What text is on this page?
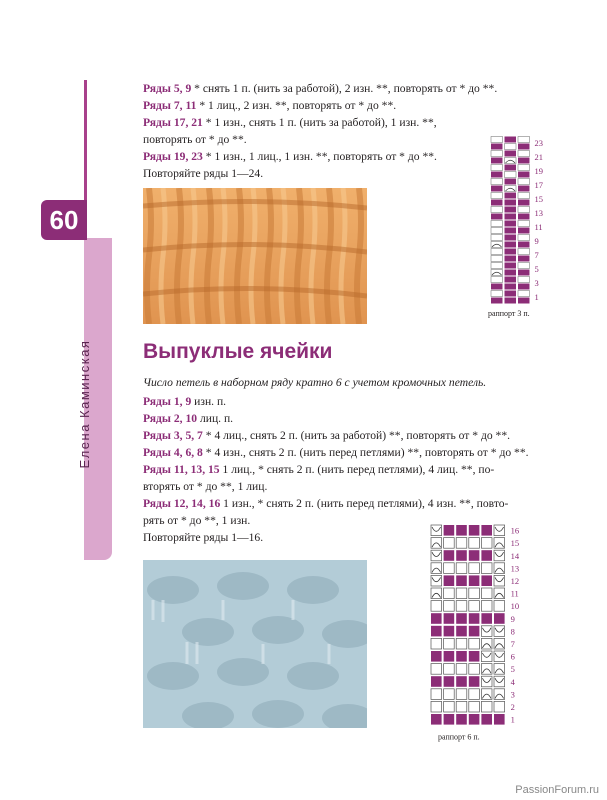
60
Елена Каминская

Ряды 5, 9 * снять 1 п. (нить за работой), 2 изн. **, повторять от * до **.

Ряды 7, 11 * 1 лиц., 2 изн. **, повторять от * до **.

Ряды 17, 21 * 1 изн., снять 1 п. (нить за работой), 1 изн. **,

повторять от * до **.

Ряды 19, 23 * 1 изн., 1 лиц., 1 изн. **, повторять от * до **.

Повторяйте ряды 1—24.

23
21
19
17
15
13
11
9
7
5
3
1
раппорт 3 п.
Выпуклые ячейки
Число петель в наборном ряду кратно 6 с учетом кромочных петель.

Ряды 1, 9 изн. п.

Ряды 2, 10 лиц. п.

Ряды 3, 5, 7 * 4 лиц., снять 2 п. (нить за работой) **, повторять от * до **.

Ряды 4, 6, 8 * 4 изн., снять 2 п. (нить перед петлями) **, повторять от * до **.

Ряды 11, 13, 15 1 лиц., * снять 2 п. (нить перед петлями), 4 лиц. **, по-

вторять от * до **, 1 лиц.

Ряды 12, 14, 16 1 изн., * снять 2 п. (нить перед петлями), 4 изн. **, повто-

рять от * до **, 1 изн.

Повторяйте ряды 1—16.

16
15
14
13
12
11
10
9
8
7
6
5
4
3
2
1
раппорт 6 п.
PassionForum.ru
